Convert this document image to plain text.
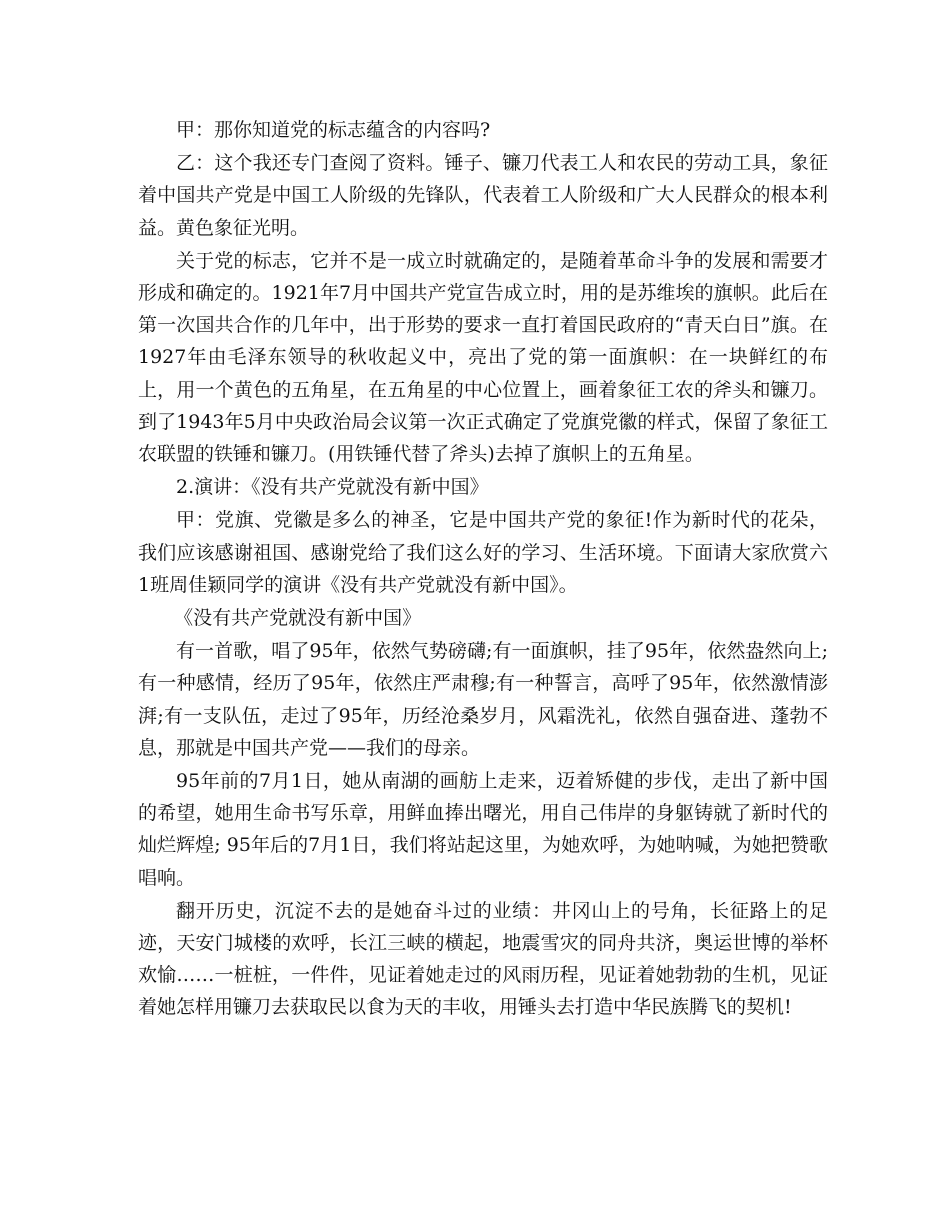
甲：那你知道党的标志蕴含的内容吗?

乙：这个我还专门查阅了资料。锤子、镰刀代表工人和农民的劳动工具，象征着中国共产党是中国工人阶级的先锋队，代表着工人阶级和广大人民群众的根本利益。黄色象征光明。

关于党的标志，它并不是一成立时就确定的，是随着革命斗争的发展和需要才形成和确定的。1921年7月中国共产党宣告成立时，用的是苏维埃的旗帜。此后在第一次国共合作的几年中，出于形势的要求一直打着国民政府的“青天白日”旗。在1927年由毛泽东领导的秋收起义中，亮出了党的第一面旗帜：在一块鲜红的布上，用一个黄色的五角星，在五角星的中心位置上，画着象征工农的斧头和镰刀。到了1943年5月中央政治局会议第一次正式确定了党旗党徽的样式，保留了象征工农联盟的铁锤和镰刀。(用铁锤代替了斧头)去掉了旗帜上的五角星。

2.演讲：《没有共产党就没有新中国》

甲：党旗、党徽是多么的神圣，它是中国共产党的象征!作为新时代的花朵，我们应该感谢祖国、感谢党给了我们这么好的学习、生活环境。下面请大家欣赏六1班周佳颖同学的演讲《没有共产党就没有新中国》。

《没有共产党就没有新中国》

有一首歌，唱了95年，依然气势磅礴;有一面旗帜，挂了95年，依然盎然向上;有一种感情，经历了95年，依然庄严肃穆;有一种誓言，高呼了95年，依然激情澎湃;有一支队伍，走过了95年，历经沧桑岁月，风霜洗礼，依然自强奋进、蓬勃不息，那就是中国共产党——我们的母亲。

95年前的7月1日，她从南湖的画舫上走来，迈着矫健的步伐，走出了新中国的希望，她用生命书写乐章，用鲜血捧出曙光，用自己伟岸的身躯铸就了新时代的灿烂辉煌; 95年后的7月1日，我们将站起这里，为她欢呼，为她呐喊，为她把赞歌唱响。

翻开历史，沉淀不去的是她奋斗过的业绩：井冈山上的号角，长征路上的足迹，天安门城楼的欢呼，长江三峡的横起，地震雪灾的同舟共济，奥运世博的举杯欢愉……一桩桩，一件件，见证着她走过的风雨历程，见证着她勃勃的生机，见证着她怎样用镰刀去获取民以食为天的丰收，用锤头去打造中华民族腾飞的契机!
